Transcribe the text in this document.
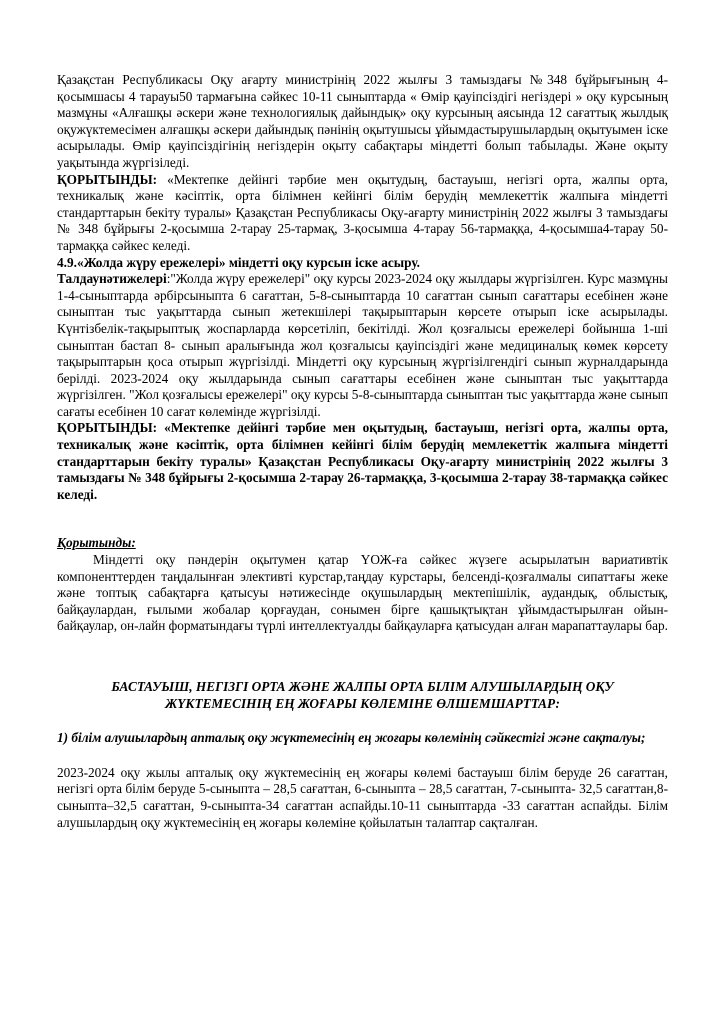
Қазақстан Республикасы Оқу ағарту министрінің 2022 жылғы 3 тамыздағы №348 бұйрығының 4-қосымшасы 4 тарауы50 тармағына сәйкес 10-11 сыныптарда « Өмір қауіпсіздігі негіздері » оқу курсының мазмұны «Алғашқы әскери және технологиялық дайындық» оқу курсының аясында 12 сағаттық жылдық оқужүктемесімен алғашқы әскери дайындық пәнінің оқытушысы ұйымдастырушылардың оқытуымен іске асырылады. Өмір қауіпсіздігінің негіздерін оқыту сабақтары міндетті болып табылады. Және оқыту уақытында жүргізіледі.

ҚОРЫТЫНДЫ: «Мектепке дейінгі тәрбие мен оқытудың, бастауыш, негізгі орта, жалпы орта, техникалық және кәсіптік, орта білімнен кейінгі білім берудің мемлекеттік жалпыға міндетті стандарттарын бекіту туралы» Қазақстан Республикасы Оқу-ағарту министрінің 2022 жылғы 3 тамыздағы № 348 бұйрығы 2-қосымша 2-тарау 25-тармақ, 3-қосымша 4-тарау 56-тармаққа, 4-қосымша4-тарау 50-тармаққа сәйкес келеді.

4.9.«Жолда жүру ережелері» міндетті оқу курсын іске асыру.

Талдаунәтижелері:"Жолда жүру ережелері" оқу курсы 2023-2024 оқу жылдары жүргізілген. Курс мазмұны 1-4-сыныптарда әрбірсыныпта 6 сағаттан, 5-8-сыныптарда 10 сағаттан сынып сағаттары есебінен және сыныптан тыс уақыттарда сынып жетекшілері тақырыптарын көрсете отырып іске асырылады. Күнтізбелік-тақырыптық жоспарларда көрсетіліп, бекітілді. Жол қозғалысы ережелері бойынша 1-ші сыныптан бастап 8- сынып аралығында жол қозғалысы қауіпсіздігі және медициналық көмек көрсету тақырыптарын қоса отырып жүргізілді. Міндетті оқу курсының жүргізілгендігі сынып журналдарында берілді. 2023-2024 оқу жылдарында сынып сағаттары есебінен және сыныптан тыс уақыттарда жүргізілген. "Жол қозғалысы ережелері" оқу курсы 5-8-сыныптарда сыныптан тыс уақыттарда және сынып сағаты есебінен 10 сағат көлемінде жүргізілді.

ҚОРЫТЫНДЫ: «Мектепке дейінгі тәрбие мен оқытудың, бастауыш, негізгі орта, жалпы орта, техникалық және кәсіптік, орта білімнен кейінгі білім берудің мемлекеттік жалпыға міндетті стандарттарын бекіту туралы» Қазақстан Республикасы Оқу-ағарту министрінің 2022 жылғы 3 тамыздағы № 348 бұйрығы 2-қосымша 2-тарау 26-тармаққа, 3-қосымша 2-тарау 38-тармаққа сәйкес келеді.

Қорытынды:

Міндетті оқу пәндерін оқытумен қатар ҮОЖ-ға сәйкес жүзеге асырылатын вариативтік компоненттерден таңдалынған элективті курстар,таңдау курстары, белсенді-қозғалмалы сипаттағы жеке және топтық сабақтарға қатысуы нәтижесінде оқушылардың мектепішілік, аудандық, облыстық, байқаулардан, ғылыми жобалар қорғаудан, сонымен бірге қашықтықтан ұйымдастырылған ойын-байқаулар, он-лайн форматындағы түрлі интеллектуалды байқауларға қатысудан алған марапаттаулары бар.

БАСТАУЫШ, НЕГІЗГІ ОРТА ЖӘНЕ ЖАЛПЫ ОРТА БІЛІМ АЛУШЫЛАРДЫҢ ОҚУ ЖҮКТЕМЕСІНІҢ ЕҢ ЖОҒАРЫ КӨЛЕМІНЕ ӨЛШЕМШАРТТАР:

1) білім алушылардың апталық оқу жүктемесінің ең жоғары көлемінің сәйкестігі және сақталуы;

2023-2024 оқу жылы апталық оқу жүктемесінің ең жоғары көлемі бастауыш білім беруде 26 сағаттан, негізгі орта білім беруде 5-сыныпта – 28,5 сағаттан, 6-сыныпта – 28,5 сағаттан, 7-сыныпта- 32,5 сағаттан,8-сыныпта–32,5 сағаттан, 9-сыныпта-34 сағаттан аспайды.10-11 сыныптарда -33 сағаттан аспайды. Білім алушылардың оқу жүктемесінің ең жоғары көлеміне қойылатын талаптар сақталған.
